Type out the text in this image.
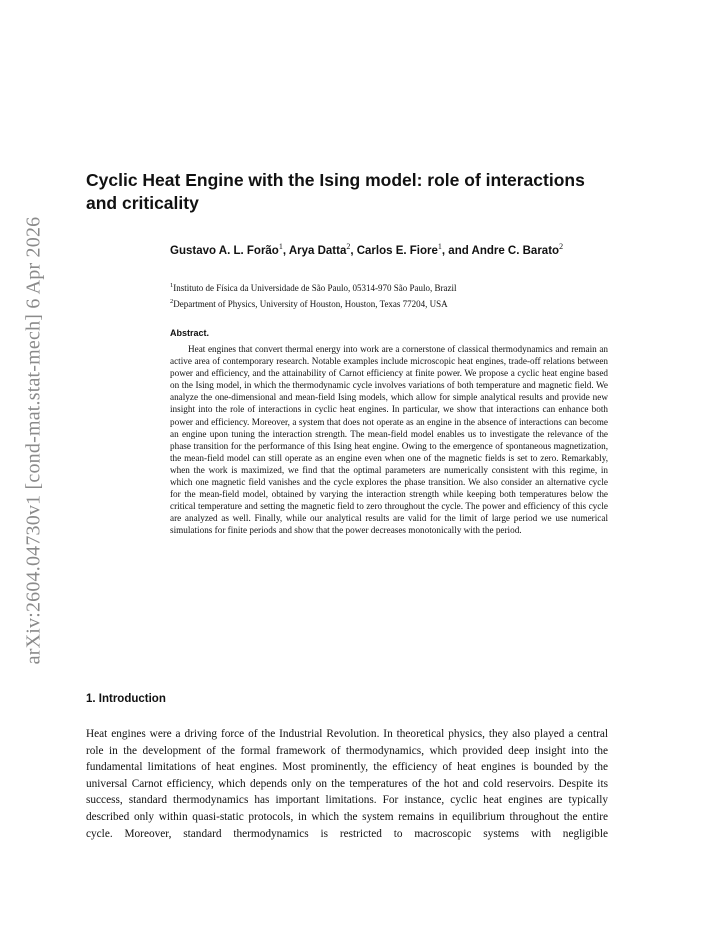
arXiv:2604.04730v1 [cond-mat.stat-mech] 6 Apr 2026
Cyclic Heat Engine with the Ising model: role of interactions and criticality
Gustavo A. L. Forão$^1$, Arya Datta$^2$, Carlos E. Fiore$^1$, and Andre C. Barato$^2$
$^1$Instituto de Física da Universidade de São Paulo, 05314-970 São Paulo, Brazil
$^2$Department of Physics, University of Houston, Houston, Texas 77204, USA
Abstract.

Heat engines that convert thermal energy into work are a cornerstone of classical thermodynamics and remain an active area of contemporary research. Notable examples include microscopic heat engines, trade-off relations between power and efficiency, and the attainability of Carnot efficiency at finite power. We propose a cyclic heat engine based on the Ising model, in which the thermodynamic cycle involves variations of both temperature and magnetic field. We analyze the one-dimensional and mean-field Ising models, which allow for simple analytical results and provide new insight into the role of interactions in cyclic heat engines. In particular, we show that interactions can enhance both power and efficiency. Moreover, a system that does not operate as an engine in the absence of interactions can become an engine upon tuning the interaction strength. The mean-field model enables us to investigate the relevance of the phase transition for the performance of this Ising heat engine. Owing to the emergence of spontaneous magnetization, the mean-field model can still operate as an engine even when one of the magnetic fields is set to zero. Remarkably, when the work is maximized, we find that the optimal parameters are numerically consistent with this regime, in which one magnetic field vanishes and the cycle explores the phase transition. We also consider an alternative cycle for the mean-field model, obtained by varying the interaction strength while keeping both temperatures below the critical temperature and setting the magnetic field to zero throughout the cycle. The power and efficiency of this cycle are analyzed as well. Finally, while our analytical results are valid for the limit of large period we use numerical simulations for finite periods and show that the power decreases monotonically with the period.

1. Introduction

Heat engines were a driving force of the Industrial Revolution. In theoretical physics, they also played a central role in the development of the formal framework of thermodynamics, which provided deep insight into the fundamental limitations of heat engines. Most prominently, the efficiency of heat engines is bounded by the universal Carnot efficiency, which depends only on the temperatures of the hot and cold reservoirs. Despite its success, standard thermodynamics has important limitations. For instance, cyclic heat engines are typically described only within quasi-static protocols, in which the system remains in equilibrium throughout the entire cycle. Moreover, standard thermodynamics is restricted to macroscopic systems with negligible
